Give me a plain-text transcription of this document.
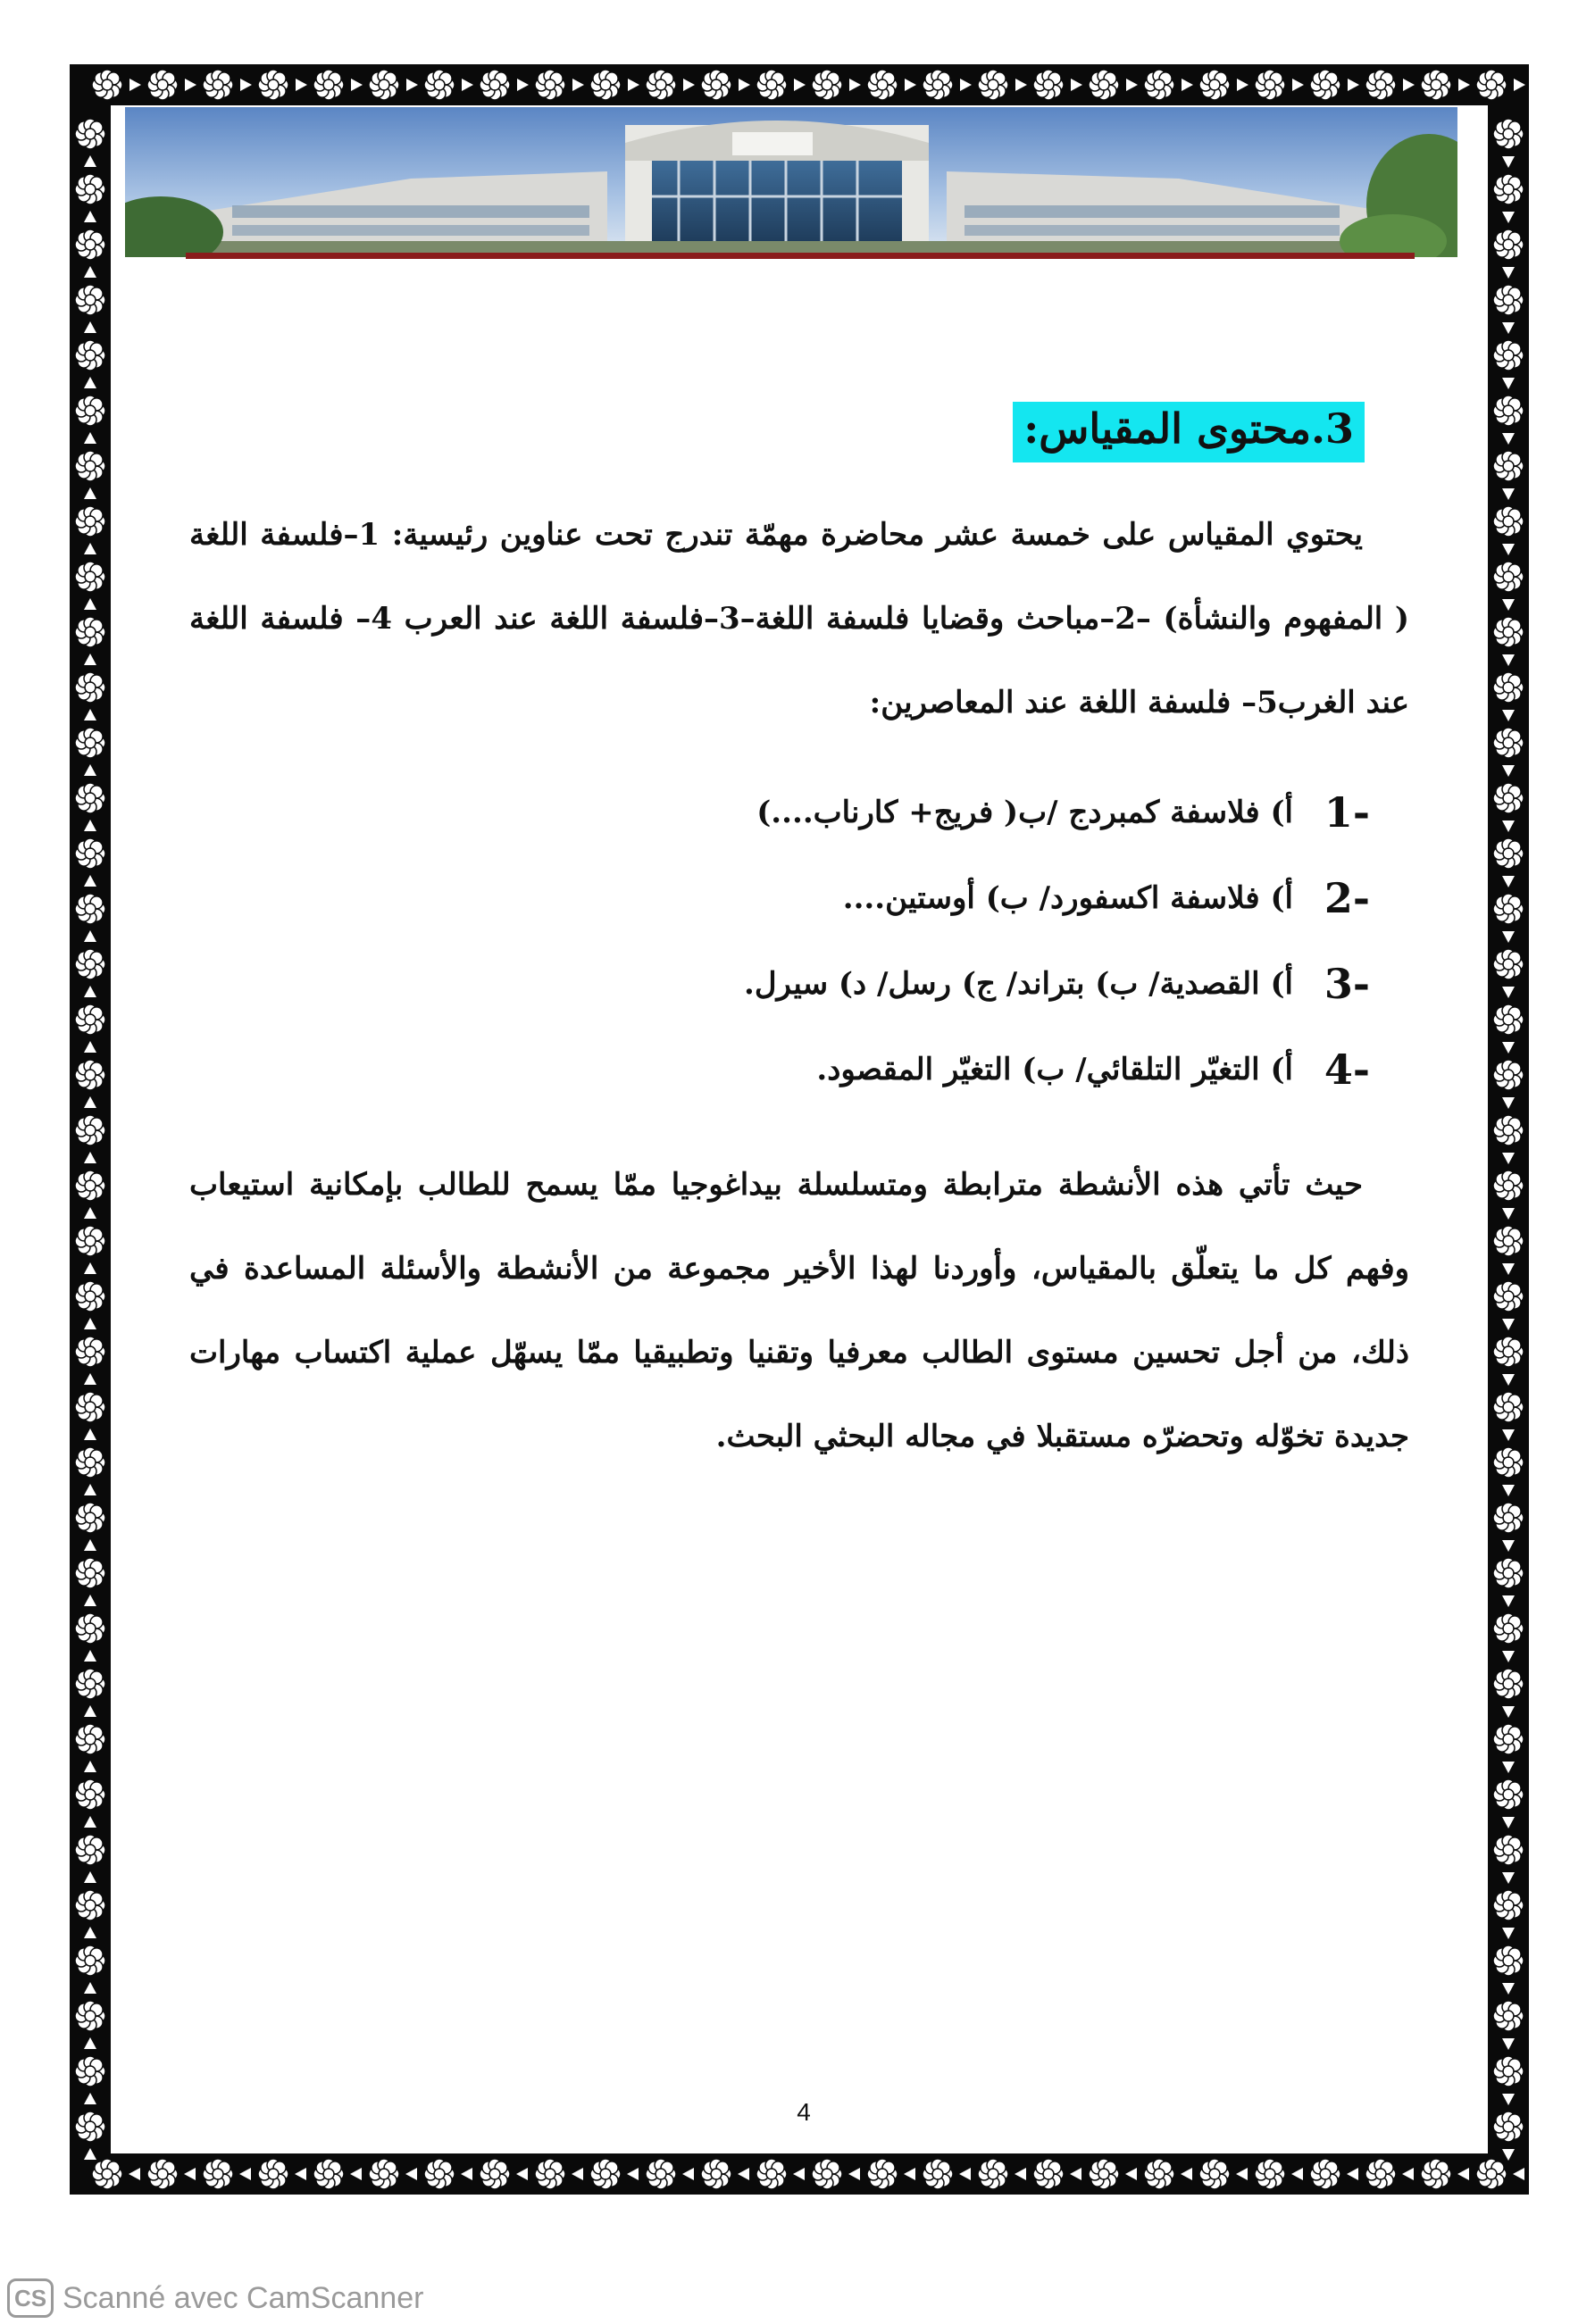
3.محتوى المقياس:

يحتوي المقياس على خمسة عشر محاضرة مهمّة تندرج تحت عناوين رئيسية: 1–فلسفة اللغة ( المفهوم والنشأة) –2–مباحث وقضايا فلسفة اللغة–3–فلسفة اللغة عند العرب 4– فلسفة اللغة عند الغرب5– فلسفة اللغة عند المعاصرين:

1-
أ) فلاسفة كمبردج /ب( فريج+ كارناب....)
2-
أ) فلاسفة اكسفورد/ ب) أوستين....
3-
أ) القصدية/ ب) بتراند/ ج) رسل/ د) سيرل.
4-
أ) التغيّر التلقائي/ ب) التغيّر المقصود.

حيث تأتي هذه الأنشطة مترابطة ومتسلسلة بيداغوجيا ممّا يسمح للطالب بإمكانية استيعاب وفهم كل ما يتعلّق بالمقياس، وأوردنا لهذا الأخير مجموعة من الأنشطة والأسئلة المساعدة في ذلك، من أجل تحسين مستوى الطالب معرفيا وتقنيا وتطبيقيا ممّا يسهّل عملية اكتساب مهارات جديدة تخوّله وتحضرّه مستقبلا في مجاله البحثي البحث.

4
CS Scanné avec CamScanner
